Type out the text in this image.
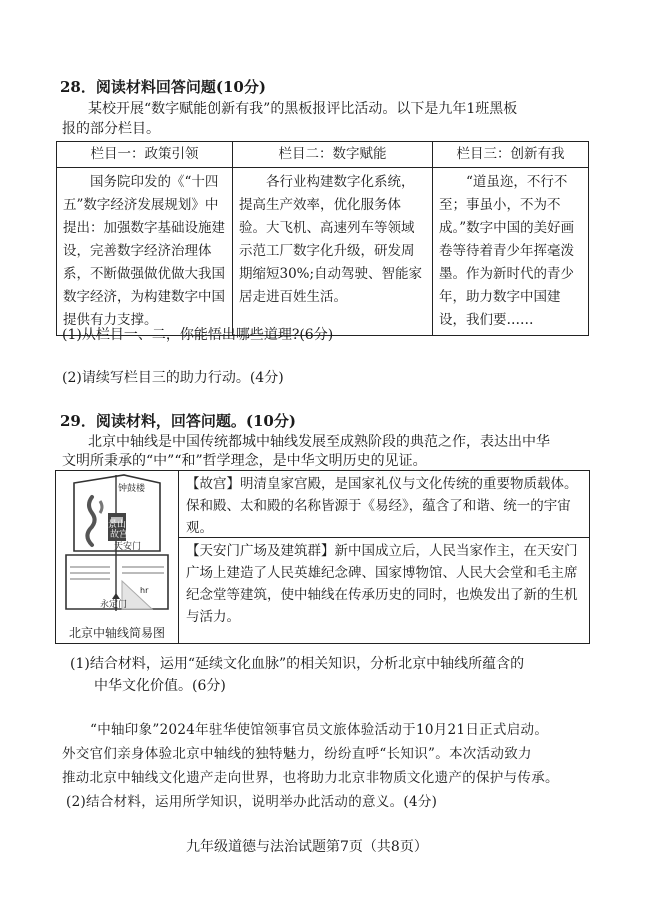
28．阅读材料回答问题(10分)
某校开展“数字赋能创新有我”的黑板报评比活动。以下是九年1班黑板
报的部分栏目。
栏目一：政策引领	栏目二：数字赋能	栏目三：创新有我

国务院印发的《“十四五”数字经济发展规划》中提出：加强数字基础设施建设，完善数字经济治理体系，不断做强做优做大我国数字经济，为构建数字中国提供有力支撑。	各行业构建数字化系统，提高生产效率，优化服务体验。大飞机、高速列车等领域示范工厂数字化升级，研发周期缩短30%;自动驾驶、智能家居走进百姓生活。	“道虽迩，不行不至；事虽小，不为不成。”数字中国的美好画卷等待着青少年挥毫泼墨。作为新时代的青少年，助力数字中国建设，我们要……

(1)从栏目一、二，你能悟出哪些道理?(6分)
(2)请续写栏目三的助力行动。(4分)
29．阅读材料，回答问题。(10分)
北京中轴线是中国传统都城中轴线发展至成熟阶段的典范之作，表达出中华
文明所秉承的“中”“和”哲学理念，是中华文明历史的见证。
钟鼓楼
景山
故宫
天安门
永定门
hr
北京中轴线简易图
【故宫】明清皇家宫殿，是国家礼仪与文化传统的重要物质载体。保和殿、太和殿的名称皆源于《易经》，蕴含了和谐、统一的宇宙观。
【天安门广场及建筑群】新中国成立后，人民当家作主，在天安门广场上建造了人民英雄纪念碑、国家博物馆、人民大会堂和毛主席纪念堂等建筑，使中轴线在传承历史的同时，也焕发出了新的生机与活力。
(1)结合材料，运用“延续文化血脉”的相关知识，分析北京中轴线所蕴含的
中华文化价值。(6分)
“中轴印象”2024年驻华使馆领事官员文旅体验活动于10月21日正式启动。
外交官们亲身体验北京中轴线的独特魅力，纷纷直呼“长知识”。本次活动致力
推动北京中轴线文化遗产走向世界，也将助力北京非物质文化遗产的保护与传承。
(2)结合材料，运用所学知识，说明举办此活动的意义。(4分)
九年级道德与法治试题第7页（共8页）
